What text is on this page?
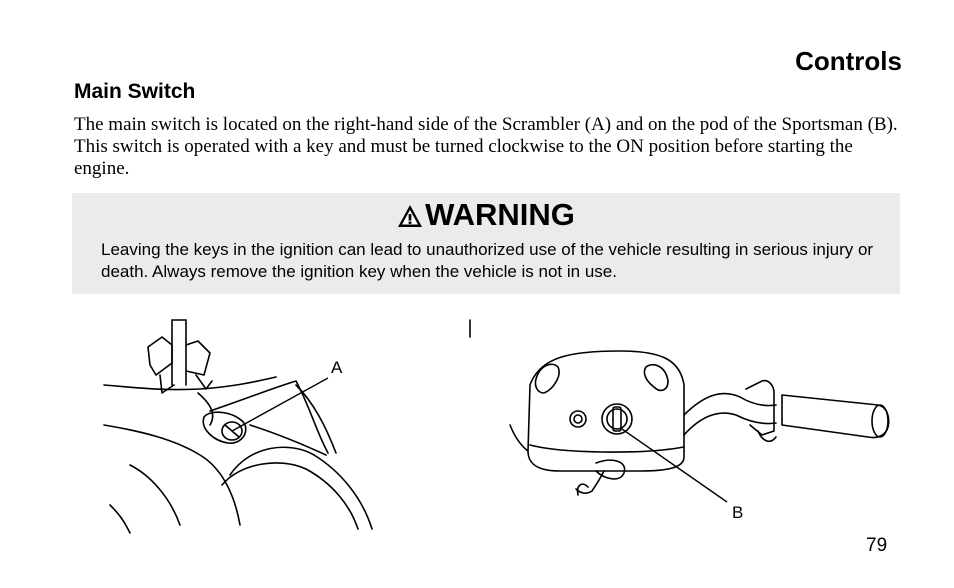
Controls
Main Switch
The main switch is located on the right-hand side of the Scrambler (A) and on the pod of the Sportsman (B). This switch is operated with a key and must be turned clockwise to the ON position before starting the engine.
WARNING
Leaving the keys in the ignition can lead to unauthorized use of the vehicle resulting in serious injury or death. Always remove the ignition key when the vehicle is not in use.
A
B
79
